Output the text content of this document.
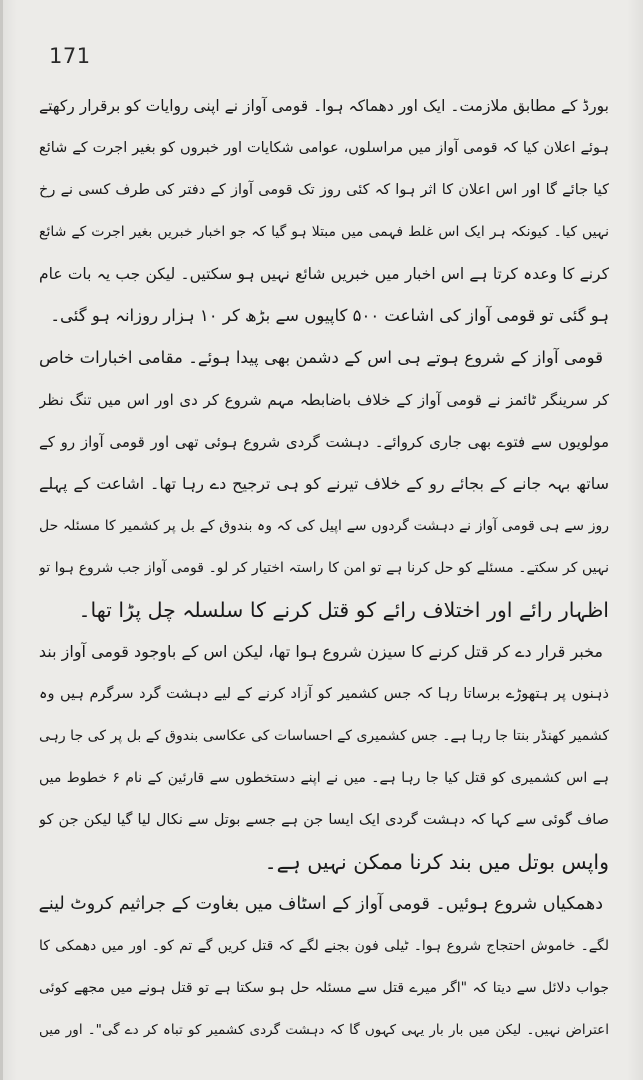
171
بورڈ کے مطابق ملازمت۔ ایک اور دھماکہ ہوا۔ قومی آواز نے اپنی روایات کو برقرار رکھتے
ہوئے اعلان کیا کہ قومی آواز میں مراسلوں، عوامی شکایات اور خبروں کو بغیر اجرت کے شائع
کیا جائے گا اور اس اعلان کا اثر ہوا کہ کئی روز تک قومی آواز کے دفتر کی طرف کسی نے رخ
نہیں کیا۔ کیونکہ ہر ایک اس غلط فہمی میں مبتلا ہو گیا کہ جو اخبار خبریں بغیر اجرت کے شائع
کرنے کا وعدہ کرتا ہے اس اخبار میں خبریں شائع نہیں ہو سکتیں۔ لیکن جب یہ بات عام
ہو گئی تو قومی آواز کی اشاعت ۵۰۰ کاپیوں سے بڑھ کر ۱۰ ہزار روزانہ ہو گئی۔
قومی آواز کے شروع ہوتے ہی اس کے دشمن بھی پیدا ہوئے۔ مقامی اخبارات خاص
کر سرینگر ٹائمز نے قومی آواز کے خلاف باضابطہ مہم شروع کر دی اور اس میں تنگ نظر
مولویوں سے فتوے بھی جاری کروائے۔ دہشت گردی شروع ہوئی تھی اور قومی آواز رو کے
ساتھ بہہ جانے کے بجائے رو کے خلاف تیرنے کو ہی ترجیح دے رہا تھا۔ اشاعت کے پہلے
روز سے ہی قومی آواز نے دہشت گردوں سے اپیل کی کہ وہ بندوق کے بل پر کشمیر کا مسئلہ حل
نہیں کر سکتے۔ مسئلے کو حل کرنا ہے تو امن کا راستہ اختیار کر لو۔ قومی آواز جب شروع ہوا تو
اظہار رائے اور اختلاف رائے کو قتل کرنے کا سلسلہ چل پڑا تھا۔
مخبر قرار دے کر قتل کرنے کا سیزن شروع ہوا تھا، لیکن اس کے باوجود قومی آواز بند
ذہنوں پر ہتھوڑے برساتا رہا کہ جس کشمیر کو آزاد کرنے کے لیے دہشت گرد سرگرم ہیں وہ
کشمیر کھنڈر بنتا جا رہا ہے۔ جس کشمیری کے احساسات کی عکاسی بندوق کے بل پر کی جا رہی
ہے اس کشمیری کو قتل کیا جا رہا ہے۔ میں نے اپنے دستخطوں سے قارئین کے نام ۶ خطوط میں
صاف گوئی سے کہا کہ دہشت گردی ایک ایسا جن ہے جسے بوتل سے نکال لیا گیا لیکن جن کو
واپس بوتل میں بند کرنا ممکن نہیں ہے۔
دھمکیاں شروع ہوئیں۔ قومی آواز کے اسٹاف میں بغاوت کے جراثیم کروٹ لینے
لگے۔ خاموش احتجاج شروع ہوا۔ ٹیلی فون بجنے لگے کہ قتل کریں گے تم کو۔ اور میں دھمکی کا
جواب دلائل سے دیتا کہ "اگر میرے قتل سے مسئلہ حل ہو سکتا ہے تو قتل ہونے میں مجھے کوئی
اعتراض نہیں۔ لیکن میں بار بار یہی کہوں گا کہ دہشت گردی کشمیر کو تباہ کر دے گی"۔ اور میں
